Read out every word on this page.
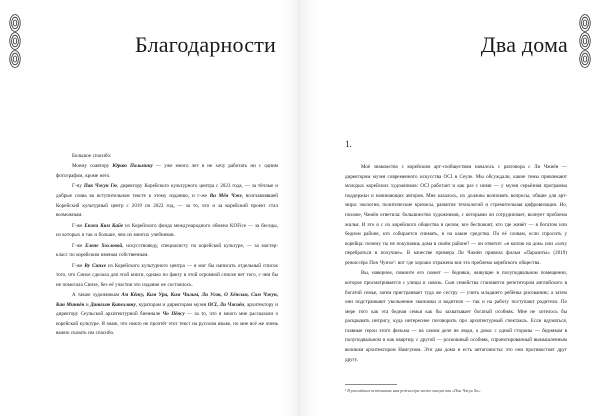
Благодарности

Большое спасибо:

Моему соавтору Юрию Пальмину — уже много лет я не хочу работать ни с одним фотографом, кроме него.

Г-ну Пак Чжун Гю, директору Корейского культурного центра с 2023 года, — за тёплые и добрые слова во вступительном тексте к этому изданию, и г-же Ви Мён Чже, возглавлявшей Корейский культурный центр с 2019 по 2022 год, — за то, что и за корейский проект стал возможным.

Г-же Енжи Ким Кайе из Корейского фонда международного обмена KOFice — за беседы, из которых я так и больше, чем из многих учебников.

Г-же Елене Хохловой, искусствоведу, специалисту по корейской культуре, — за мастер-класс по корейским именам собственным.

Г-же Ву Синхе из Корейского культурного центра — я мог бы написать отдельный список того, что Синхе сделала для этой книги, однако по факту в этой огромной списке нет того, с чем бы не помогала Синхе, без её участия это издание не состоялось.

А также художникам Ам Кёнсу, Ким Ури, Ким Чилим, Ли Усок, О Хёнсым, Сим Чжун, Кан Минкён и Даниэлю Капелляну, кураторам и директорам музея ОСI, Ли Чжиён, архитектору и директору Сеульской архитектурной биеннале Чо Пёнсу — за то, что я много мне рассказали о корейской культуре. Я знаю, что никто не прочтёт этот текст на русском языке, но мне всё же очень важно сказать им спасибо.

Два дома
1.

Моё знакомство с корейским арт-сообществом началось с разговора с Ли Чжиён — директором музея современного искусства ОСI в Сеуле. Мы обсуждали, какие темы привлекают молодых корейских художников: ОСI работает и как раз с ними — у музея серьёзная программа поддержки и начинающих авторов. Мне казалось, их должны волновать вопросы, общие для арт-мира: экология, политические кризисы, развитие технологий и стремительная цифровизация. Но, похоже, Чжиён ответила: большинство художников, с которыми он сотрудничает, волнует проблема жилья. И это и с их корейского общества в целом, все беспокоит, кто где живёт — в богатом или бедном районе, кто собирается снимать, и на какие средства. По её словам, если спросить у корейца: почему ты не покупаешь дома в своём районе? — он ответит: «я коплю на дом» или «хочу перебраться в получше». В качестве примера Ли Чжиён привела фильм «Паразиты» (2019) режиссёра Пон Чунхо¹: вот где хорошо отражена вся эта проблема корейского общества.

Вы, наверное, помните его сюжет — бедняки, живущие в полуподвальном помещении, которое просматривается с улицы и сквозь. Сын семейства становится репетитором английского в богатой семье, затем пристраивает туда же сестру — учить младшего ребёнка рисованию; а затем они подстраивают увольнение экономки и водителя — так и на работу поступают родители. По мере того как эта бедная семья как бы захватывает богатый особняк. Мне не хотелось бы раскрывать интригу, куда интереснее поговорить про архитектурный спектакль. Если вдуматься, главные герои этого фильма — на самом деле не люди, а дома: с одной стороны — беднякам в полуподвальном и как квартир; с другой — роскошный особняк, спроектированный вымышленным великим архитектором Намгуном. Эти два дома и есть антагонисты: это они противостоят друг другу.

¹ В российских источниках имя режиссёра часто пишут как «Пон Чжун Хо».
